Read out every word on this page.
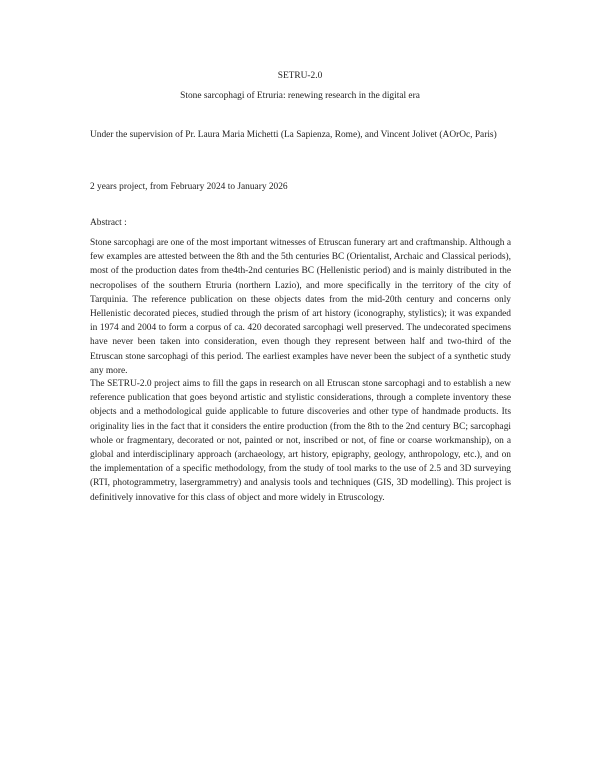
SETRU-2.0

Stone sarcophagi of Etruria: renewing research in the digital era

Under the supervision of Pr. Laura Maria Michetti (La Sapienza, Rome), and Vincent Jolivet (AOrOc, Paris)

2 years project, from February 2024 to January 2026

Abstract :

Stone sarcophagi are one of the most important witnesses of Etruscan funerary art and craftmanship. Although a few examples are attested between the 8th and the 5th centuries BC (Orientalist, Archaic and Classical periods), most of the production dates from the4th-2nd centuries BC (Hellenistic period) and is mainly distributed in the necropolises of the southern Etruria (northern Lazio), and more specifically in the territory of the city of Tarquinia. The reference publication on these objects dates from the mid-20th century and concerns only Hellenistic decorated pieces, studied through the prism of art history (iconography, stylistics); it was expanded in 1974 and 2004 to form a corpus of ca. 420 decorated sarcophagi well preserved. The undecorated specimens have never been taken into consideration, even though they represent between half and two-third of the Etruscan stone sarcophagi of this period. The earliest examples have never been the subject of a synthetic study any more.

The SETRU-2.0 project aims to fill the gaps in research on all Etruscan stone sarcophagi and to establish a new reference publication that goes beyond artistic and stylistic considerations, through a complete inventory these objects and a methodological guide applicable to future discoveries and other type of handmade products. Its originality lies in the fact that it considers the entire production (from the 8th to the 2nd century BC; sarcophagi whole or fragmentary, decorated or not, painted or not, inscribed or not, of fine or coarse workmanship), on a global and interdisciplinary approach (archaeology, art history, epigraphy, geology, anthropology, etc.), and on the implementation of a specific methodology, from the study of tool marks to the use of 2.5 and 3D surveying (RTI, photogrammetry, lasergrammetry) and analysis tools and techniques (GIS, 3D modelling). This project is definitively innovative for this class of object and more widely in Etruscology.
